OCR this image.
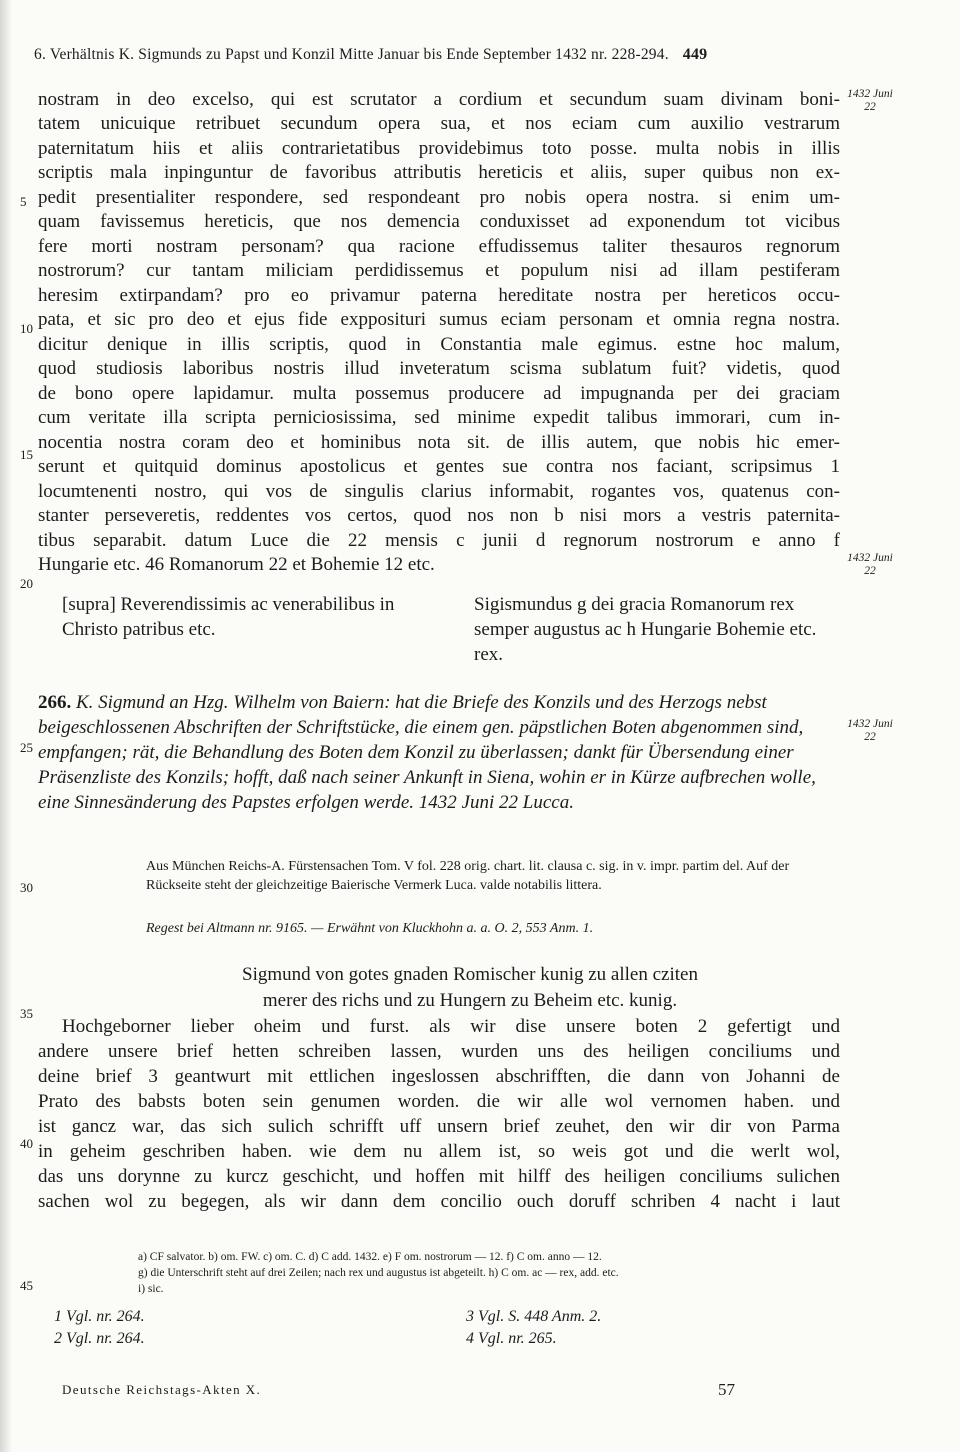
6. Verhältnis K. Sigmunds zu Papst und Konzil Mitte Januar bis Ende September 1432 nr. 228-294. 449
1432 Juni 22
1432 Juni 22
1432 Juni 22
5
10
15
20
25
30
35
40
45
nostram in deo excelso, qui est scrutator a cordium et secundum suam divinam boni-
tatem unicuique retribuet secundum opera sua, et nos eciam cum auxilio vestrarum
paternitatum hiis et aliis contrarietatibus providebimus toto posse. multa nobis in illis
scriptis mala inpinguntur de favoribus attributis hereticis et aliis, super quibus non ex-
pedit presentialiter respondere, sed respondeant pro nobis opera nostra. si enim um-
quam favissemus hereticis, que nos demencia conduxisset ad exponendum tot vicibus
fere morti nostram personam? qua racione effudissemus taliter thesauros regnorum
nostrorum? cur tantam miliciam perdidissemus et populum nisi ad illam pestiferam
heresim extirpandam? pro eo privamur paterna hereditate nostra per hereticos occu-
pata, et sic pro deo et ejus fide expposituri sumus eciam personam et omnia regna nostra.
dicitur denique in illis scriptis, quod in Constantia male egimus. estne hoc malum,
quod studiosis laboribus nostris illud inveteratum scisma sublatum fuit? videtis, quod
de bono opere lapidamur. multa possemus producere ad impugnanda per dei graciam
cum veritate illa scripta perniciosissima, sed minime expedit talibus immorari, cum in-
nocentia nostra coram deo et hominibus nota sit. de illis autem, que nobis hic emer-
serunt et quitquid dominus apostolicus et gentes sue contra nos faciant, scripsimus 1
locumtenenti nostro, qui vos de singulis clarius informabit, rogantes vos, quatenus con-
stanter perseveretis, reddentes vos certos, quod nos non b nisi mors a vestris paternita-
tibus separabit. datum Luce die 22 mensis c junii d regnorum nostrorum e anno f
Hungarie etc. 46 Romanorum 22 et Bohemie 12 etc.
[supra] Reverendissimis ac venerabilibus in Christo patribus etc.
Sigismundus g dei gracia Romanorum rex semper augustus ac h Hungarie Bohemie etc. rex.
266. K. Sigmund an Hzg. Wilhelm von Baiern: hat die Briefe des Konzils und des Herzogs nebst beigeschlossenen Abschriften der Schriftstücke, die einem gen. päpstlichen Boten abgenommen sind, empfangen; rät, die Behandlung des Boten dem Konzil zu überlassen; dankt für Übersendung einer Präsenzliste des Konzils; hofft, daß nach seiner Ankunft in Siena, wohin er in Kürze aufbrechen wolle, eine Sinnesänderung des Papstes erfolgen werde. 1432 Juni 22 Lucca.
Aus München Reichs-A. Fürstensachen Tom. V fol. 228 orig. chart. lit. clausa c. sig. in v. impr. partim del. Auf der Rückseite steht der gleichzeitige Baierische Vermerk Luca. valde notabilis littera.
Regest bei Altmann nr. 9165. — Erwähnt von Kluckhohn a. a. O. 2, 553 Anm. 1.
Sigmund von gotes gnaden Romischer kunig zu allen cziten
merer des richs und zu Hungern zu Beheim etc. kunig.
Hochgeborner lieber oheim und furst. als wir dise unsere boten 2 gefertigt und
andere unsere brief hetten schreiben lassen, wurden uns des heiligen conciliums und
deine brief 3 geantwurt mit ettlichen ingeslossen abschrifften, die dann von Johanni de
Prato des babsts boten sein genumen worden. die wir alle wol vernomen haben. und
ist gancz war, das sich sulich schrifft uff unsern brief zeuhet, den wir dir von Parma
in geheim geschriben haben. wie dem nu allem ist, so weis got und die werlt wol,
das uns dorynne zu kurcz geschicht, und hoffen mit hilff des heiligen conciliums sulichen
sachen wol zu begegen, als wir dann dem concilio ouch doruff schriben 4 nacht i laut
a) CF salvator. b) om. FW. c) om. C. d) C add. 1432. e) F om. nostrorum — 12. f) C om. anno — 12.
g) die Unterschrift steht auf drei Zeilen; nach rex und augustus ist abgeteilt. h) C om. ac — rex, add. etc.
i) sic.
1 Vgl. nr. 264.
2 Vgl. nr. 264.
3 Vgl. S. 448 Anm. 2.
4 Vgl. nr. 265.
Deutsche Reichstags-Akten X.	57
